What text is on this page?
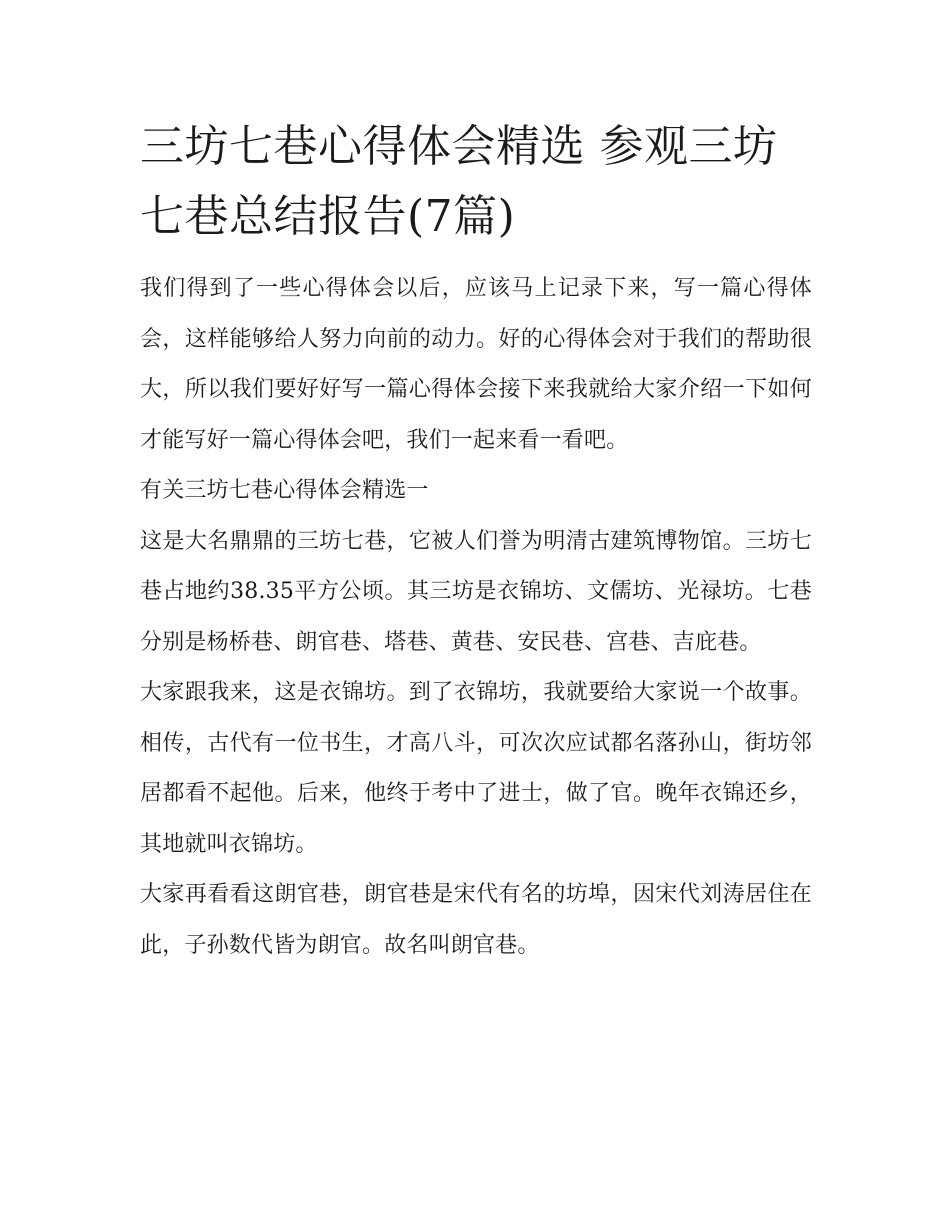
三坊七巷心得体会精选 参观三坊七巷总结报告(7篇)

我们得到了一些心得体会以后，应该马上记录下来，写一篇心得体会，这样能够给人努力向前的动力。好的心得体会对于我们的帮助很大，所以我们要好好写一篇心得体会接下来我就给大家介绍一下如何才能写好一篇心得体会吧，我们一起来看一看吧。

有关三坊七巷心得体会精选一

这是大名鼎鼎的三坊七巷，它被人们誉为明清古建筑博物馆。三坊七巷占地约38.35平方公顷。其三坊是衣锦坊、文儒坊、光禄坊。七巷分别是杨桥巷、朗官巷、塔巷、黄巷、安民巷、宫巷、吉庇巷。

大家跟我来，这是衣锦坊。到了衣锦坊，我就要给大家说一个故事。相传，古代有一位书生，才高八斗，可次次应试都名落孙山，街坊邻居都看不起他。后来，他终于考中了进士，做了官。晚年衣锦还乡，其地就叫衣锦坊。

大家再看看这朗官巷，朗官巷是宋代有名的坊埠，因宋代刘涛居住在此，子孙数代皆为朗官。故名叫朗官巷。
